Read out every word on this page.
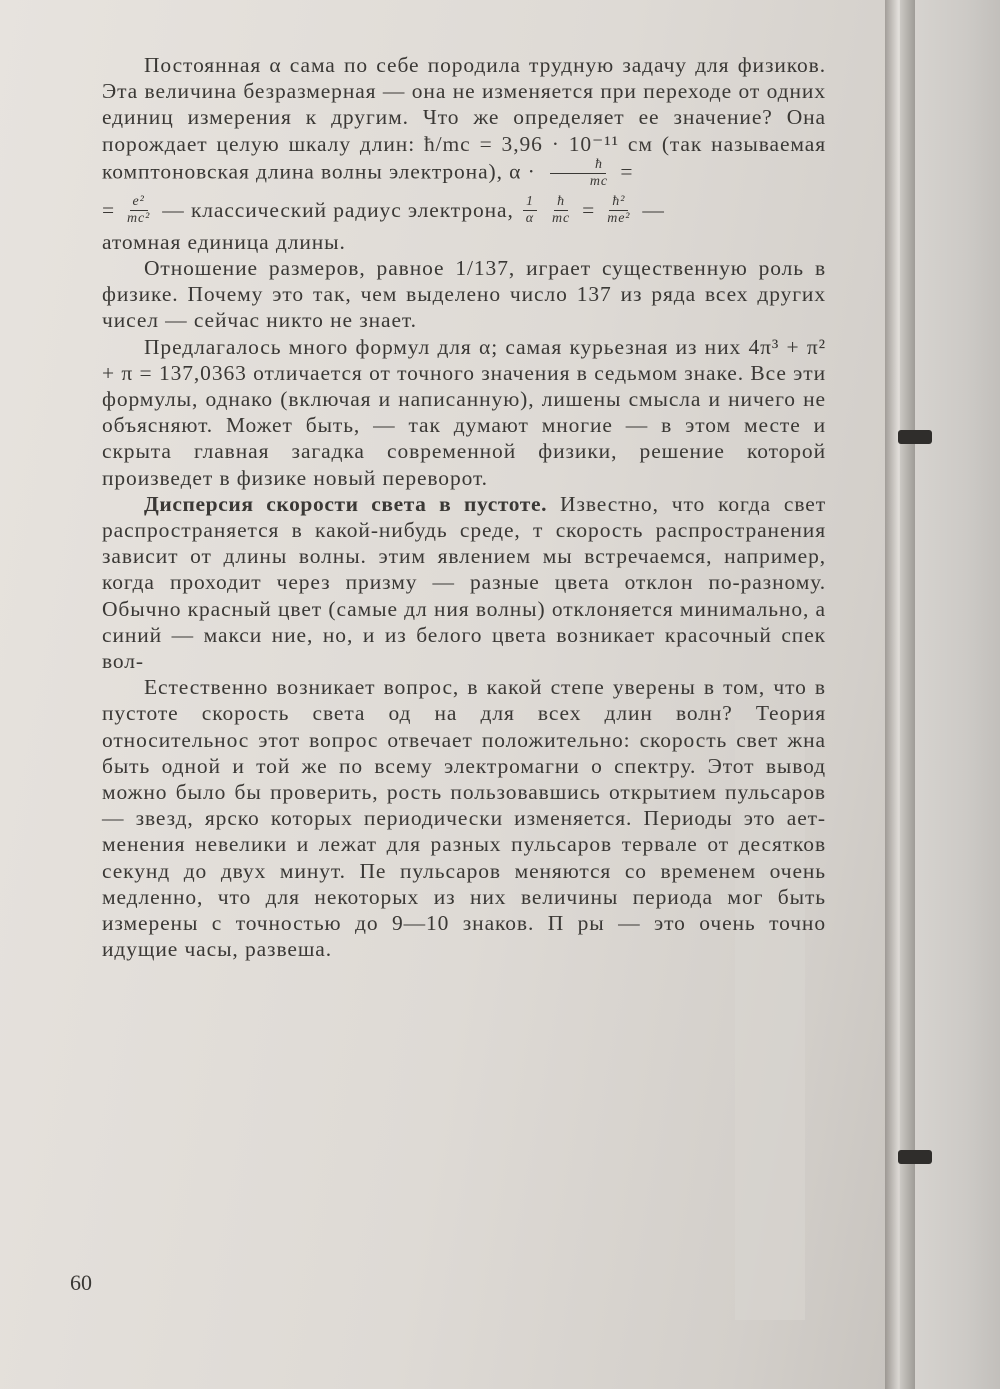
Постоянная α сама по себе породила трудную задачу для физиков. Эта величина безразмерная — она не изменяется при переходе от одних единиц измерения к другим. Что же определяет ее значение? Она порождает целую шкалу длин: ħ/mc = 3,96 · 10⁻¹¹ см (так называемая комптоновская длина волны электрона), $\alpha \cdot \frac{ħ}{mc}$ =

= $\frac{\text{e²}}{\text{mc²}}$ — классический радиус электрона, $\frac{1}{\alpha} \frac{ħ}{mc} = \frac{\text{ħ²}}{\text{me²}}$ —

атомная единица длины.

Отношение размеров, равное 1/137, играет существенную роль в физике. Почему это так, чем выделено число 137 из ряда всех других чисел — сейчас никто не знает.

Предлагалось много формул для α; самая курьезная из них 4π³ + π² + π = 137,0363 отличается от точного значения в седьмом знаке. Все эти формулы, однако (включая и написанную), лишены смысла и ничего не объясняют. Может быть, — так думают многие — в этом месте и скрыта главная загадка современной физики, решение которой произведет в физике новый переворот.

Дисперсия скорости света в пустоте. Известно, что когда свет распространяется в какой-нибудь среде, т скорость распространения зависит от длины волны. этим явлением мы встречаемся, например, когда проходит через призму — разные цвета отклон по-разному. Обычно красный цвет (самые дл ния волны) отклоняется минимально, а синий — макси ние, но, и из белого цвета возникает красочный спек вол-

Естественно возникает вопрос, в какой степе уверены в том, что в пустоте скорость света од на для всех длин волн? Теория относительнос этот вопрос отвечает положительно: скорость свет жна быть одной и той же по всему электромагни о спектру. Этот вывод можно было бы проверить, рость пользовавшись открытием пульсаров — звезд, ярско которых периодически изменяется. Периоды это ает- менения невелики и лежат для разных пульсаров тервале от десятков секунд до двух минут. Пе пульсаров меняются со временем очень медленно, что для некоторых из них величины периода мог быть измерены с точностью до 9—10 знаков. П ры — это очень точно идущие часы, развеша.

60
